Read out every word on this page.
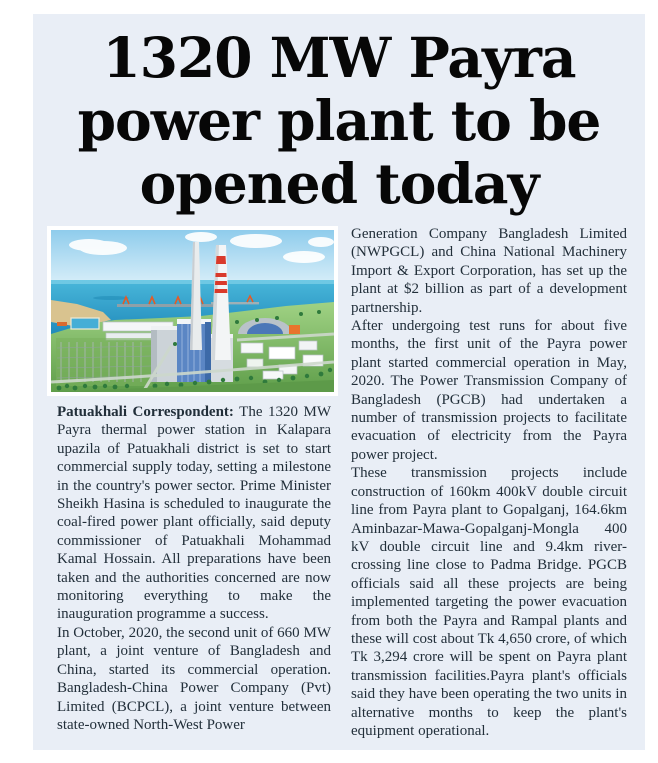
1320 MW Payra
power plant to be
opened today

Patuakhali Correspondent: The 1320 MW Payra thermal power station in Kalapara upazila of Patuakhali district is set to start commercial supply today, setting a milestone in the country's power sector. Prime Minister Sheikh Hasina is scheduled to inaugurate the coal-fired power plant officially, said deputy commissioner of Patuakhali Mohammad Kamal Hossain. All preparations have been taken and the authorities concerned are now monitoring everything to make the inauguration programme a success.

In October, 2020, the second unit of 660 MW plant, a joint venture of Bangladesh and China, started its commercial operation. Bangladesh-China Power Company (Pvt) Limited (BCPCL), a joint venture between state-owned North-West Power

Generation Company Bangladesh Limited (NWPGCL) and China National Machinery Import & Export Corporation, has set up the plant at $2 billion as part of a development partnership.

After undergoing test runs for about five months, the first unit of the Payra power plant started commercial operation in May, 2020. The Power Transmission Company of Bangladesh (PGCB) had undertaken a number of transmission projects to facilitate evacuation of electricity from the Payra power project.

These transmission projects include construction of 160km 400kV double circuit line from Payra plant to Gopalganj, 164.6km Aminbazar-Mawa-Gopalganj-Mongla 400 kV double circuit line and 9.4km river-crossing line close to Padma Bridge. PGCB officials said all these projects are being implemented targeting the power evacuation from both the Payra and Rampal plants and these will cost about Tk 4,650 crore, of which Tk 3,294 crore will be spent on Payra plant transmission facilities.Payra plant's officials said they have been operating the two units in alternative months to keep the plant's equipment operational.
